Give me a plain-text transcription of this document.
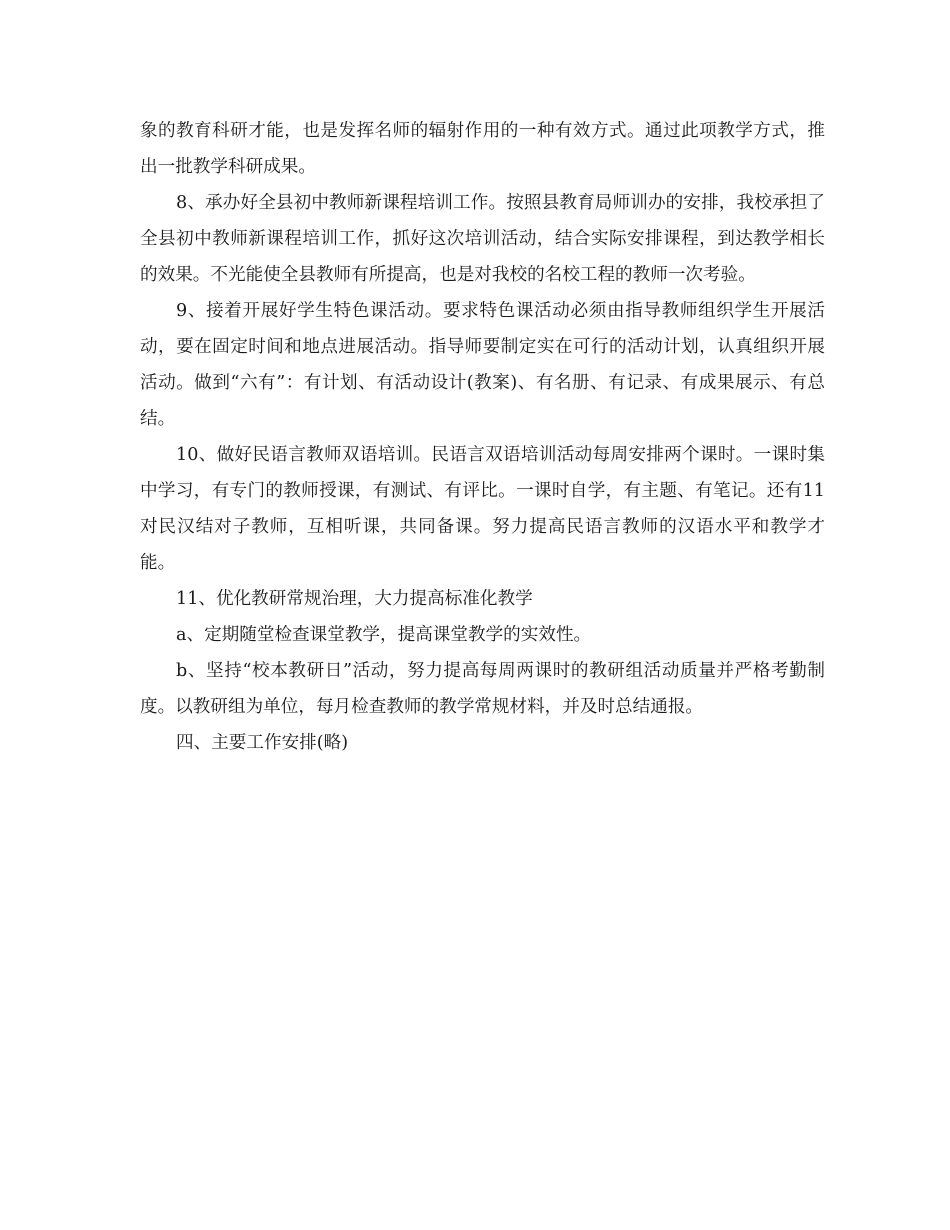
象的教育科研才能，也是发挥名师的辐射作用的一种有效方式。通过此项教学方式，推出一批教学科研成果。

8、承办好全县初中教师新课程培训工作。按照县教育局师训办的安排，我校承担了全县初中教师新课程培训工作，抓好这次培训活动，结合实际安排课程，到达教学相长的效果。不光能使全县教师有所提高，也是对我校的名校工程的教师一次考验。

9、接着开展好学生特色课活动。要求特色课活动必须由指导教师组织学生开展活动，要在固定时间和地点进展活动。指导师要制定实在可行的活动计划，认真组织开展活动。做到“六有”：有计划、有活动设计(教案)、有名册、有记录、有成果展示、有总结。

10、做好民语言教师双语培训。民语言双语培训活动每周安排两个课时。一课时集中学习，有专门的教师授课，有测试、有评比。一课时自学，有主题、有笔记。还有11对民汉结对子教师，互相听课，共同备课。努力提高民语言教师的汉语水平和教学才能。

11、优化教研常规治理，大力提高标准化教学

a、定期随堂检查课堂教学，提高课堂教学的实效性。

b、坚持“校本教研日”活动，努力提高每周两课时的教研组活动质量并严格考勤制度。以教研组为单位，每月检查教师的教学常规材料，并及时总结通报。

四、主要工作安排(略)
